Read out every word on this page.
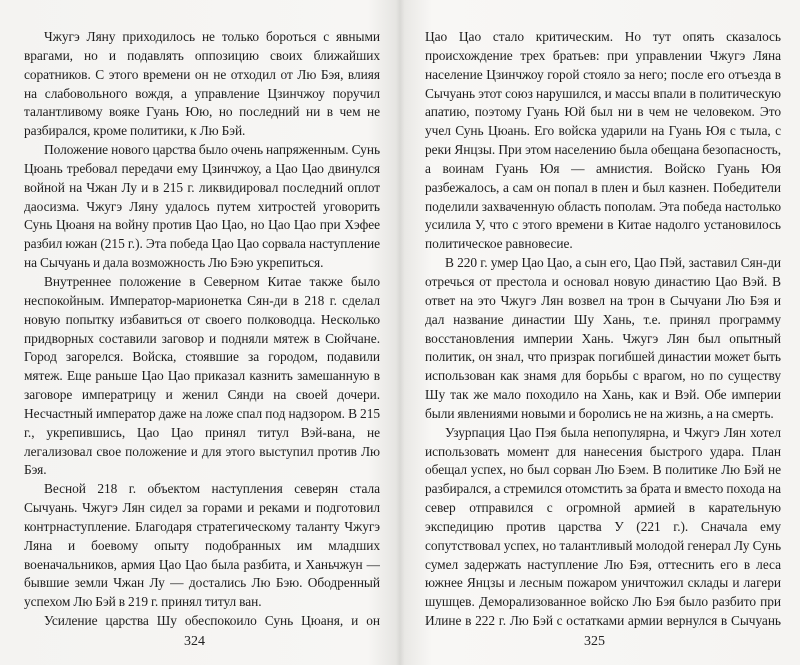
Чжугэ Ляну приходилось не только бороться с явными врагами, но и подавлять оппозицию своих ближайших соратников. С этого времени он не отходил от Лю Бэя, влияя на слабовольного вождя, а управление Цзинчжоу поручил талантливому вояке Гуань Юю, но последний ни в чем не разбирался, кроме политики, к Лю Бэй.

Положение нового царства было очень напряженным. Сунь Цюань требовал передачи ему Цзинчжоу, а Цао Цао двинулся войной на Чжан Лу и в 215 г. ликвидировал последний оплот даосизма. Чжугэ Ляну удалось путем хитростей уговорить Сунь Цюаня на войну против Цао Цао, но Цао Цао при Хэфее разбил южан (215 г.). Эта победа Цао Цао сорвала наступление на Сычуань и дала возможность Лю Бэю укрепиться.

Внутреннее положение в Северном Китае также было неспокойным. Император-марионетка Сян-ди в 218 г. сделал новую попытку избавиться от своего полководца. Несколько придворных составили заговор и подняли мятеж в Сюйчане. Город загорелся. Войска, стоявшие за городом, подавили мятеж. Еще раньше Цао Цао приказал казнить замешанную в заговоре императрицу и женил Сянди на своей дочери. Несчастный император даже на ложе спал под надзором. В 215 г., укрепившись, Цао Цао принял титул Вэй-вана, не легализовал свое положение и для этого выступил против Лю Бэя.

Весной 218 г. объектом наступления северян стала Сычуань. Чжугэ Лян сидел за горами и реками и подготовил контрнаступление. Благодаря стратегическому таланту Чжугэ Ляна и боевому опыту подобранных им младших военачальников, армия Цао Цао была разбита, и Ханьчжун — бывшие земли Чжан Лу — достались Лю Бэю. Ободренный успехом Лю Бэй в 219 г. принял титул ван.

Усиление царства Шу обеспокоило Сунь Цюаня, и он

Цао Цао стало критическим. Но тут опять сказалось происхождение трех братьев: при управлении Чжугэ Ляна население Цзинчжоу горой стояло за него; после его отъезда в Сычуань этот союз нарушился, и массы впали в политическую апатию, поэтому Гуань Юй был ни в чем не человеком. Это учел Сунь Цюань. Его войска ударили на Гуань Юя с тыла, с реки Янцзы. При этом населению была обещана безопасность, а воинам Гуань Юя — амнистия. Войско Гуань Юя разбежалось, а сам он попал в плен и был казнен. Победители поделили захваченную область пополам. Эта победа настолько усилила У, что с этого времени в Китае надолго установилось политическое равновесие.

В 220 г. умер Цао Цао, а сын его, Цао Пэй, заставил Сян-ди отречься от престола и основал новую династию Цао Вэй. В ответ на это Чжугэ Лян возвел на трон в Сычуани Лю Бэя и дал название династии Шу Хань, т.е. принял программу восстановления империи Хань. Чжугэ Лян был опытный политик, он знал, что призрак погибшей династии может быть использован как знамя для борьбы с врагом, но по существу Шу так же мало походило на Хань, как и Вэй. Обе империи были явлениями новыми и боролись не на жизнь, а на смерть.

Узурпация Цао Пэя была непопулярна, и Чжугэ Лян хотел использовать момент для нанесения быстрого удара. План обещал успех, но был сорван Лю Бэем. В политике Лю Бэй не разбирался, а стремился отомстить за брата и вместо похода на север отправился с огромной армией в карательную экспедицию против царства У (221 г.). Сначала ему сопутствовал успех, но талантливый молодой генерал Лу Сунь сумел задержать наступление Лю Бэя, оттеснить его в леса южнее Янцзы и лесным пожаром уничтожил склады и лагери шушцев. Деморализованное войско Лю Бэя было разбито при Илине в 222 г. Лю Бэй с остатками армии вернулся в Сычуань

324	325
